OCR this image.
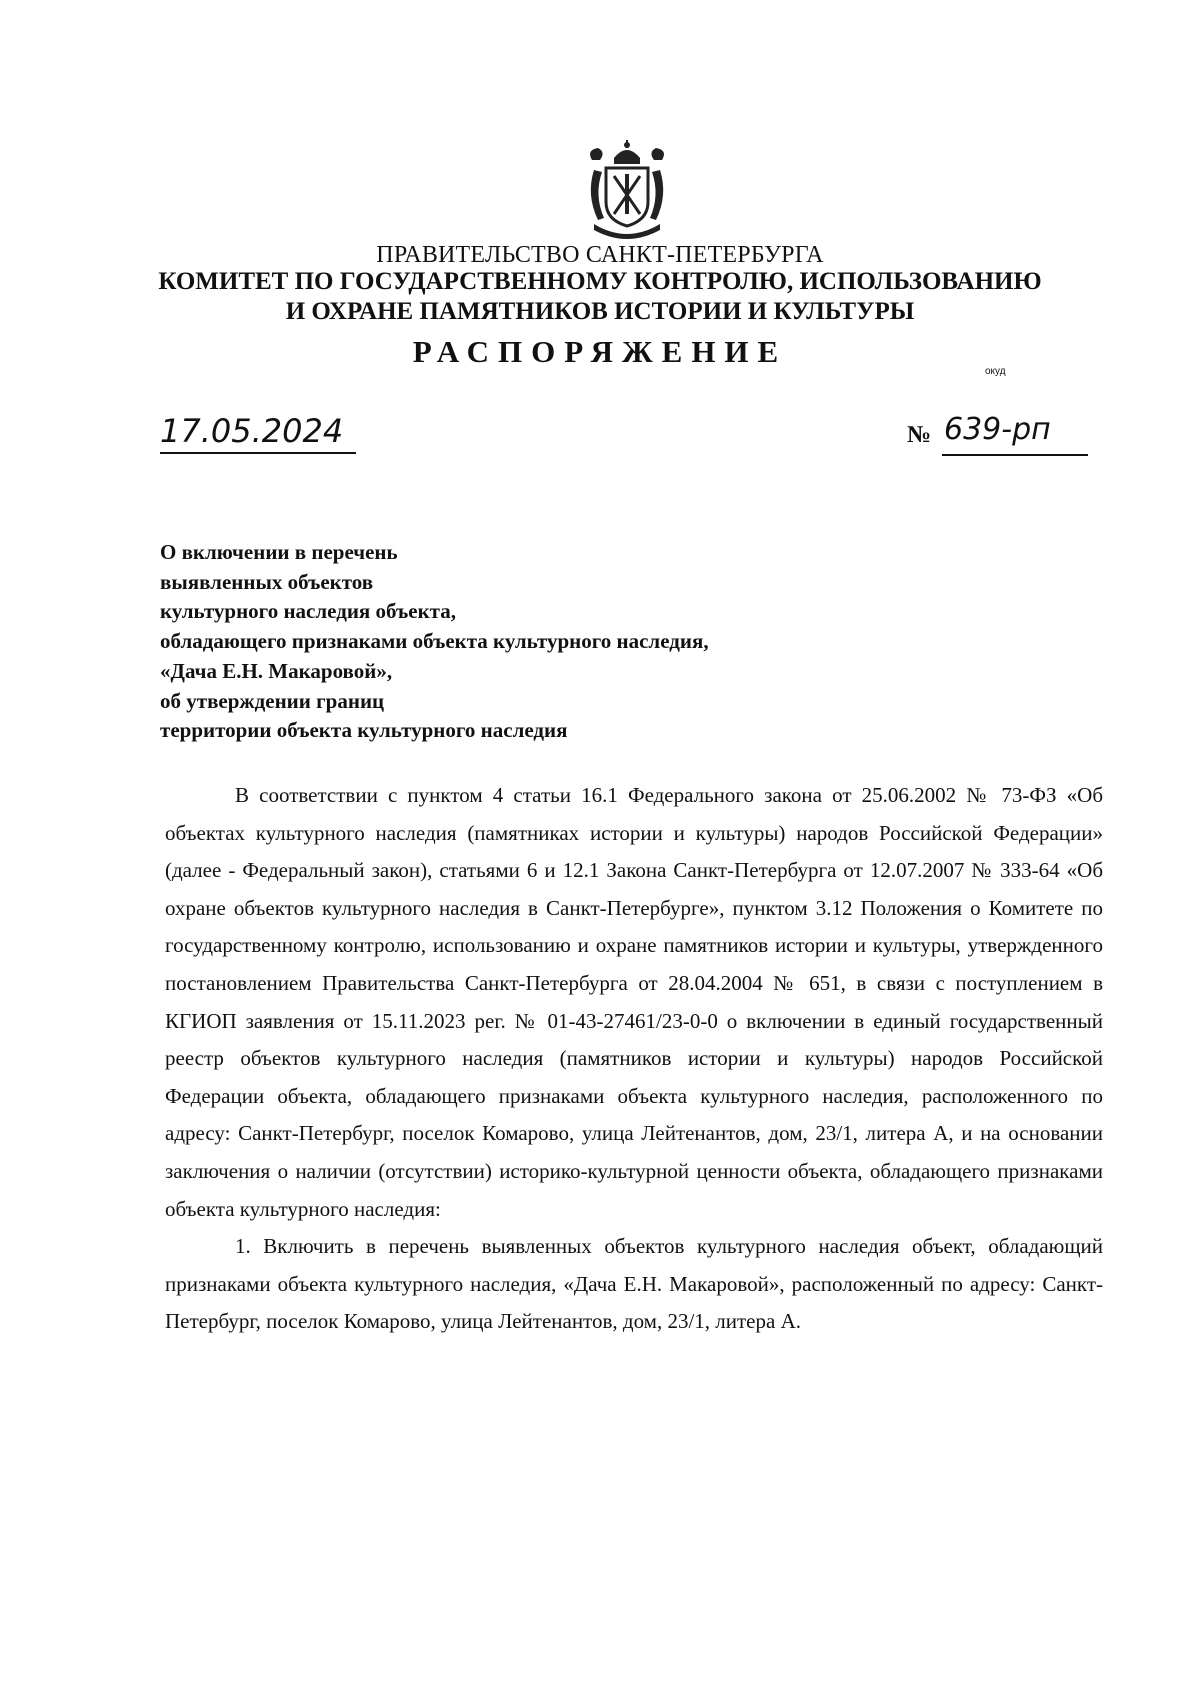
ПРАВИТЕЛЬСТВО САНКТ-ПЕТЕРБУРГА
КОМИТЕТ ПО ГОСУДАРСТВЕННОМУ КОНТРОЛЮ, ИСПОЛЬЗОВАНИЮ
И ОХРАНЕ ПАМЯТНИКОВ ИСТОРИИ И КУЛЬТУРЫ
РАСПОРЯЖЕНИЕ
окуд
17.05.2024	№ 639-рп
О включении в перечень
выявленных объектов
культурного наследия объекта,
обладающего признаками объекта культурного наследия,
«Дача Е.Н. Макаровой»,
об утверждении границ
территории объекта культурного наследия

В соответствии с пунктом 4 статьи 16.1 Федерального закона от 25.06.2002 № 73-ФЗ «Об объектах культурного наследия (памятниках истории и культуры) народов Российской Федерации» (далее - Федеральный закон), статьями 6 и 12.1 Закона Санкт-Петербурга от 12.07.2007 № 333-64 «Об охране объектов культурного наследия в Санкт-Петербурге», пунктом 3.12 Положения о Комитете по государственному контролю, использованию и охране памятников истории и культуры, утвержденного постановлением Правительства Санкт-Петербурга от 28.04.2004 № 651, в связи с поступлением в КГИОП заявления от 15.11.2023 рег. № 01-43-27461/23-0-0 о включении в единый государственный реестр объектов культурного наследия (памятников истории и культуры) народов Российской Федерации объекта, обладающего признаками объекта культурного наследия, расположенного по адресу: Санкт-Петербург, поселок Комарово, улица Лейтенантов, дом, 23/1, литера А, и на основании заключения о наличии (отсутствии) историко-культурной ценности объекта, обладающего признаками объекта культурного наследия:

1. Включить в перечень выявленных объектов культурного наследия объект, обладающий признаками объекта культурного наследия, «Дача Е.Н. Макаровой», расположенный по адресу: Санкт-Петербург, поселок Комарово, улица Лейтенантов, дом, 23/1, литера А.
